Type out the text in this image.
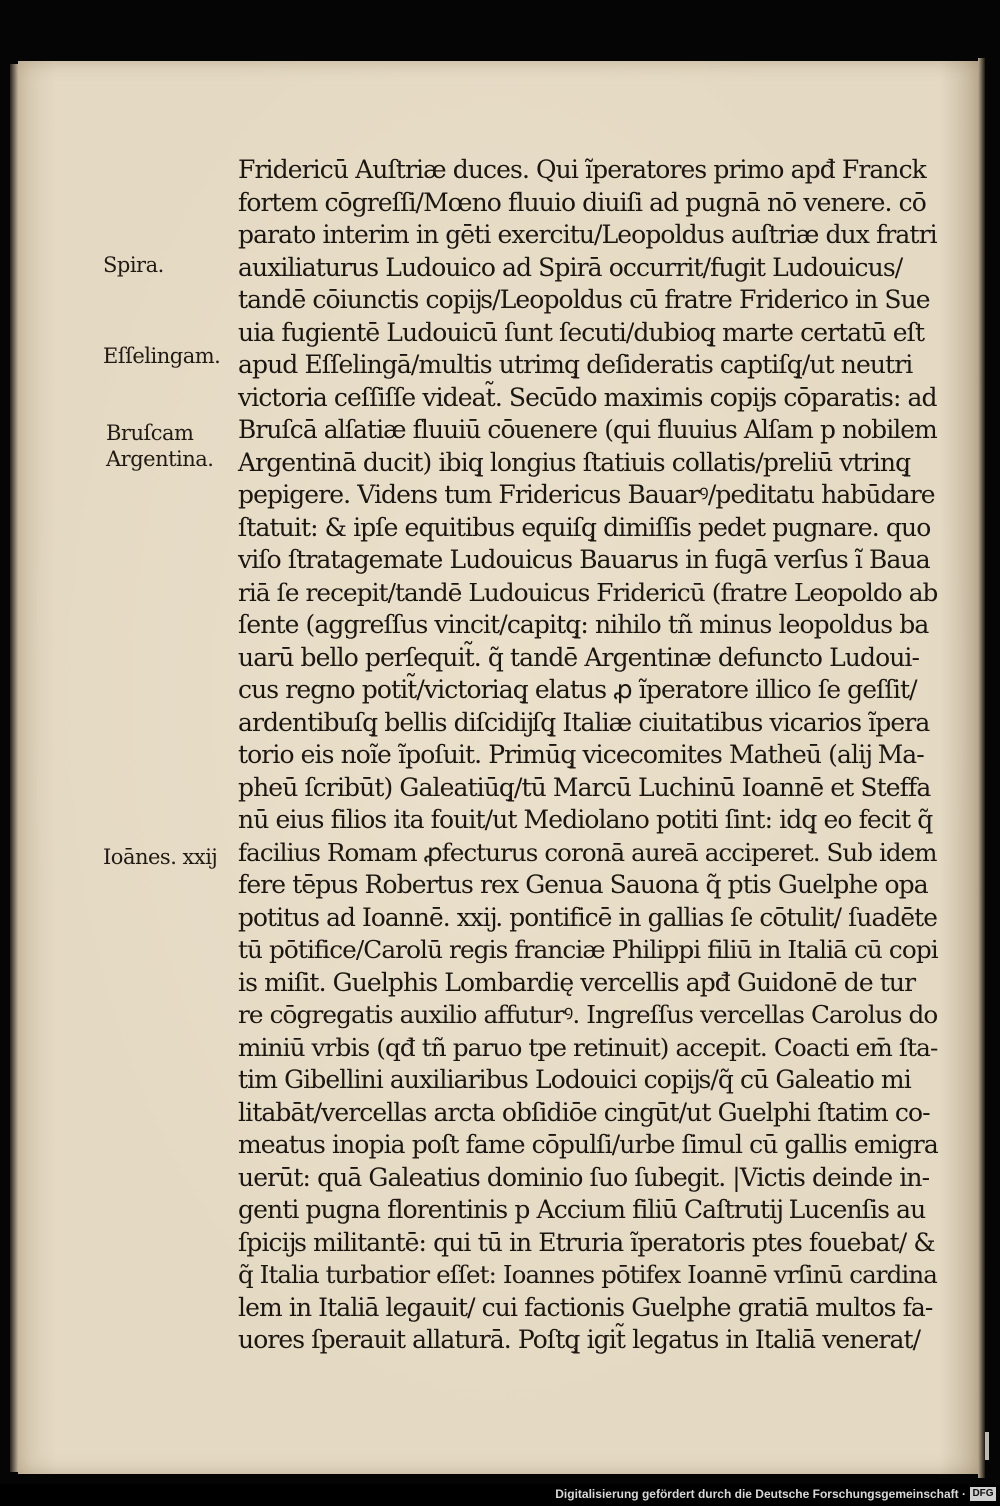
Fridericū Auſtriæ duces. Qui ĩperatores primo apđ Franck
fortem cōgreſſi/Mœno fluuio diuiſi ad pugnā nō venere. cō
parato interim in gēti exercitu/Leopoldus auſtriæ dux fratri
auxiliaturus Ludouico ad Spirā occurrit/fugit Ludouicus/
tandē cōiunctis copĳs/Leopoldus cū fratre Friderico in Sue
uia fugientē Ludouicū ſunt ſecuti/dubioq̧ marte certatū eſt
apud Eſſelingā/multis utrimq̧ deſideratis captiſq̧/ut neutri
victoria ceſſiſſe videat̃. Secūdo maximis copĳs cōparatis: ad
Bruſcā alſatiæ fluuiū cōuenere (qui fluuius Alſam p nobilem
Argentinā ducit) ibiq̧ longius ſtatiuis collatis/preliū vtrinq̧
pepigere. Videns tum Fridericus Bauarꝰ/peditatu habūdare
ſtatuit: & ipſe equitibus equiſq̧ dimiſſis pedet pugnare. quo
viſo ſtratagemate Ludouicus Bauarus in fugā verſus ĩ Baua
riā ſe recepit/tandē Ludouicus Fridericū (fratre Leopoldo ab
ſente (aggreſſus vincit/capitq̧: nihilo tñ minus leopoldus ba
uarū bello perſequit̃. q̃ tandē Argentinæ defuncto Ludoui-
cus regno potit̃/victoriaq̧ elatus ꝓ ĩperatore illico ſe geſſit/
ardentibuſq̧ bellis diſcidĳſq̧ Italiæ ciuitatibus vicarios ĩpera
torio eis noĩe ĩpoſuit. Primūq̧ vicecomites Matheū (alĳ Ma-
pheū ſcribūt) Galeatiūq̧/tū Marcū Luchinū Ioannē et Steffa
nū eius filios ita fouit/ut Mediolano potiti ſint: idq̧ eo fecit q̃
facilius Romam ꝓfecturus coronā aureā acciperet. Sub idem
fere tēpus Robertus rex Genua Sauona q̃ ptis Guelphe opa
potitus ad Ioannē. xxĳ. pontificē in gallias ſe cōtulit/ ſuadēte
tū pōtifice/Carolū regis franciæ Philippi filiū in Italiā cū copi
is miſit. Guelphis Lombardię vercellis apđ Guidonē de tur
re cōgregatis auxilio affuturꝰ. Ingreſſus vercellas Carolus do
miniū vrbis (qđ tñ paruo tpe retinuit) accepit. Coacti em̄ ſta-
tim Gibellini auxiliaribus Lodouici copĳs/q̃ cū Galeatio mi
litabāt/vercellas arcta obſidiōe cingūt/ut Guelphi ſtatim co-
meatus inopia poſt fame cōpulſi/urbe ſimul cū gallis emigra
uerūt: quā Galeatius dominio ſuo ſubegit. |Victis deinde in-
genti pugna florentinis p Accium filiū Caſtrutĳ Lucenſis au
ſpicĳs militantē: qui tū in Etruria ĩperatoris ptes fouebat/ &
q̃ Italia turbatior eſſet: Ioannes pōtifex Ioannē vrſinū cardina
lem in Italiā legauit/ cui factionis Guelphe gratiā multos fa-
uores ſperauit allaturā. Poſtq̧ igit̃ legatus in Italiā venerat/
Spira.
Eſſelingam.
Bruſcam
Argentina.
Ioānes. xxĳ
Digitalisierung gefördert durch die Deutsche Forschungsgemeinschaft · DFG
